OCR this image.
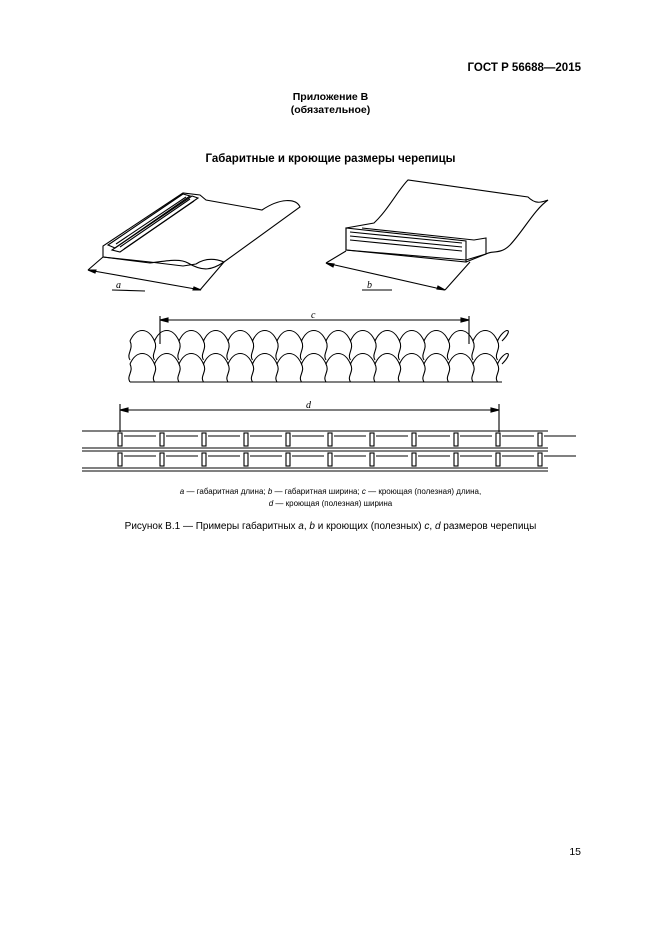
ГОСТ Р 56688—2015
Приложение В
(обязательное)
Габаритные и кроющие размеры черепицы
a	b
c
d
a — габаритная длина; b — габаритная ширина; c — кроющая (полезная) длина,
d — кроющая (полезная) ширина
Рисунок В.1 — Примеры габаритных a, b и кроющих (полезных) c, d размеров черепицы
15
